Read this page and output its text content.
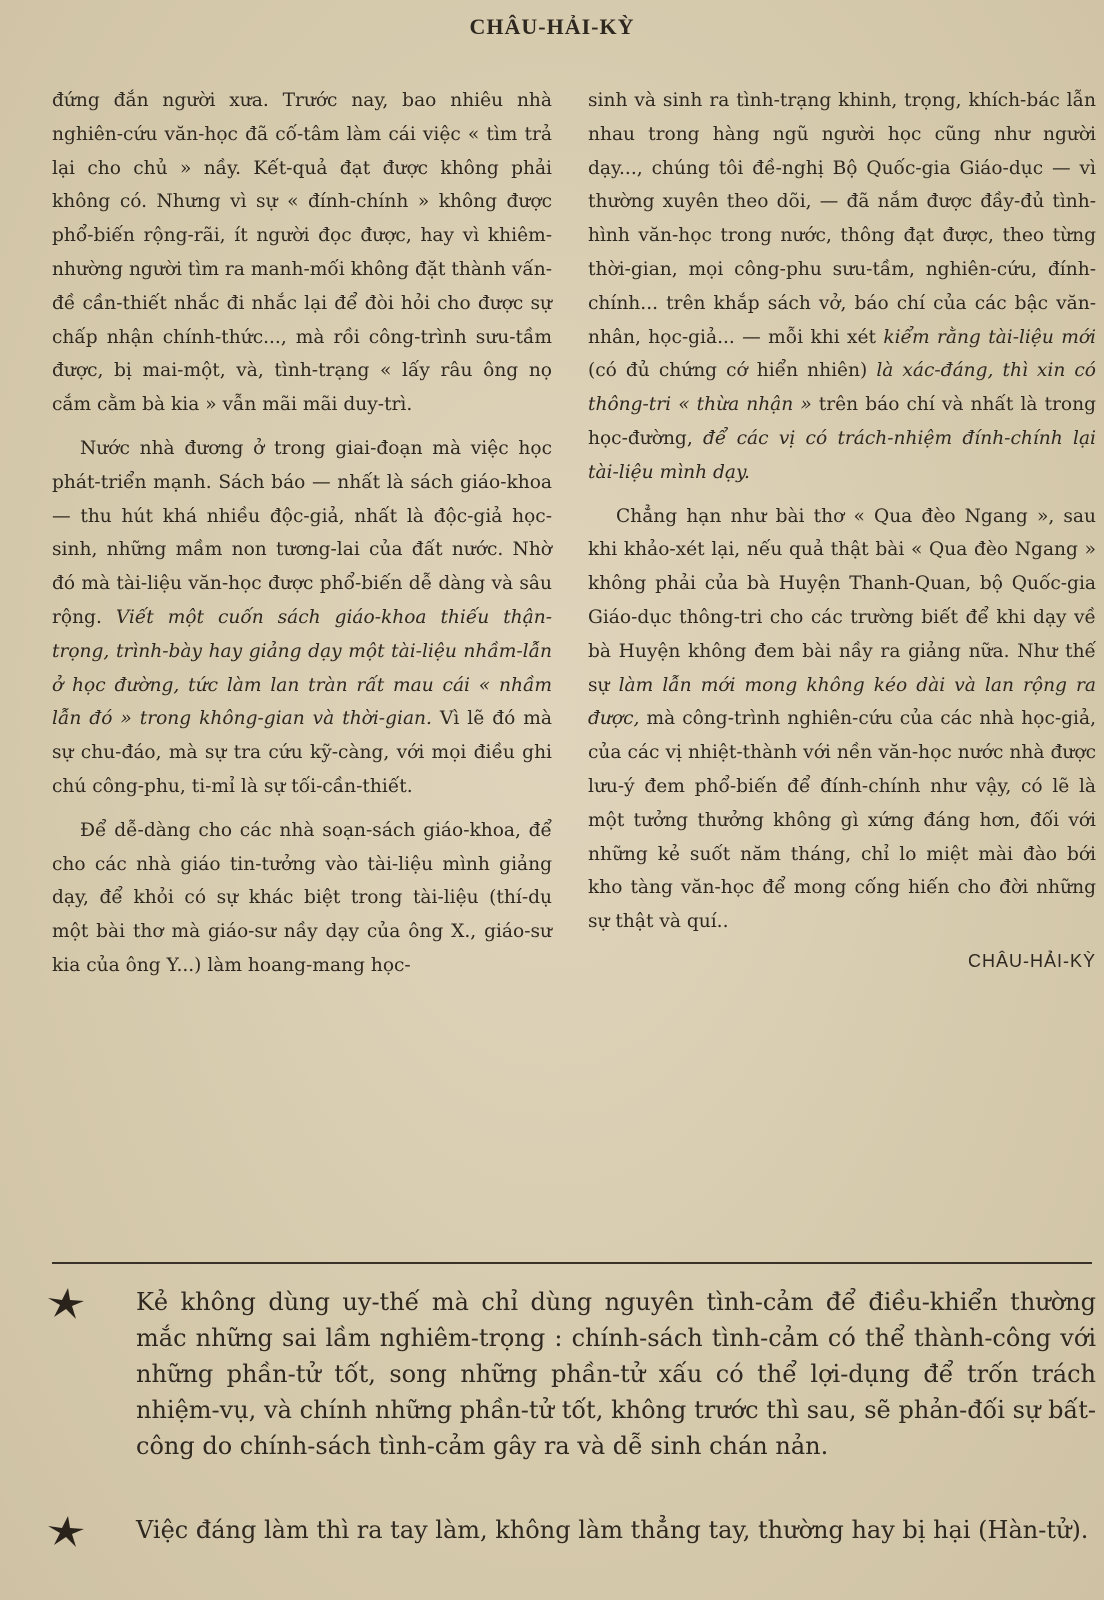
CHÂU-HẢI-KỲ

đứng đắn người xưa. Trước nay, bao nhiêu nhà nghiên-cứu văn-học đã cố-tâm làm cái việc « tìm trả lại cho chủ » nầy. Kết-quả đạt được không phải không có. Nhưng vì sự « đính-chính » không được phổ-biến rộng-rãi, ít người đọc được, hay vì khiêm-nhường người tìm ra manh-mối không đặt thành vấn-đề cần-thiết nhắc đi nhắc lại để đòi hỏi cho được sự chấp nhận chính-thức..., mà rồi công-trình sưu-tầm được, bị mai-một, và, tình-trạng « lấy râu ông nọ cắm cằm bà kia » vẫn mãi mãi duy-trì.

Nước nhà đương ở trong giai-đoạn mà việc học phát-triển mạnh. Sách báo — nhất là sách giáo-khoa — thu hút khá nhiều độc-giả, nhất là độc-giả học-sinh, những mầm non tương-lai của đất nước. Nhờ đó mà tài-liệu văn-học được phổ-biến dễ dàng và sâu rộng. Viết một cuốn sách giáo-khoa thiếu thận-trọng, trình-bày hay giảng dạy một tài-liệu nhầm-lẫn ở học đường, tức làm lan tràn rất mau cái « nhầm lẫn đó » trong không-gian và thời-gian. Vì lẽ đó mà sự chu-đáo, mà sự tra cứu kỹ-càng, với mọi điều ghi chú công-phu, ti-mỉ là sự tối-cần-thiết.

Để dễ-dàng cho các nhà soạn-sách giáo-khoa, để cho các nhà giáo tin-tưởng vào tài-liệu mình giảng dạy, để khỏi có sự khác biệt trong tài-liệu (thí-dụ một bài thơ mà giáo-sư nầy dạy của ông X., giáo-sư kia của ông Y...) làm hoang-mang học-

sinh và sinh ra tình-trạng khinh, trọng, khích-bác lẫn nhau trong hàng ngũ người học cũng như người dạy..., chúng tôi đề-nghị Bộ Quốc-gia Giáo-dục — vì thường xuyên theo dõi, — đã nắm được đầy-đủ tình-hình văn-học trong nước, thông đạt được, theo từng thời-gian, mọi công-phu sưu-tầm, nghiên-cứu, đính-chính... trên khắp sách vở, báo chí của các bậc văn-nhân, học-giả... — mỗi khi xét kiểm rằng tài-liệu mới (có đủ chứng cớ hiển nhiên) là xác-đáng, thì xin có thông-tri « thừa nhận » trên báo chí và nhất là trong học-đường, để các vị có trách-nhiệm đính-chính lại tài-liệu mình dạy.

Chẳng hạn như bài thơ « Qua đèo Ngang », sau khi khảo-xét lại, nếu quả thật bài « Qua đèo Ngang » không phải của bà Huyện Thanh-Quan, bộ Quốc-gia Giáo-dục thông-tri cho các trường biết để khi dạy về bà Huyện không đem bài nầy ra giảng nữa. Như thế sự làm lẫn mới mong không kéo dài và lan rộng ra được, mà công-trình nghiên-cứu của các nhà học-giả, của các vị nhiệt-thành với nền văn-học nước nhà được lưu-ý đem phổ-biến để đính-chính như vậy, có lẽ là một tưởng thưởng không gì xứng đáng hơn, đối với những kẻ suốt năm tháng, chỉ lo miệt mài đào bới kho tàng văn-học để mong cống hiến cho đời những sự thật và quí..

CHÂU-HẢI-KỲ

Kẻ không dùng uy-thế mà chỉ dùng nguyên tình-cảm để điều-khiển thường mắc những sai lầm nghiêm-trọng : chính-sách tình-cảm có thể thành-công với những phần-tử tốt, song những phần-tử xấu có thể lợi-dụng để trốn trách nhiệm-vụ, và chính những phần-tử tốt, không trước thì sau, sẽ phản-đối sự bất-công do chính-sách tình-cảm gây ra và dễ sinh chán nản.
Việc đáng làm thì ra tay làm, không làm thẳng tay, thường hay bị hại (Hàn-tử).
